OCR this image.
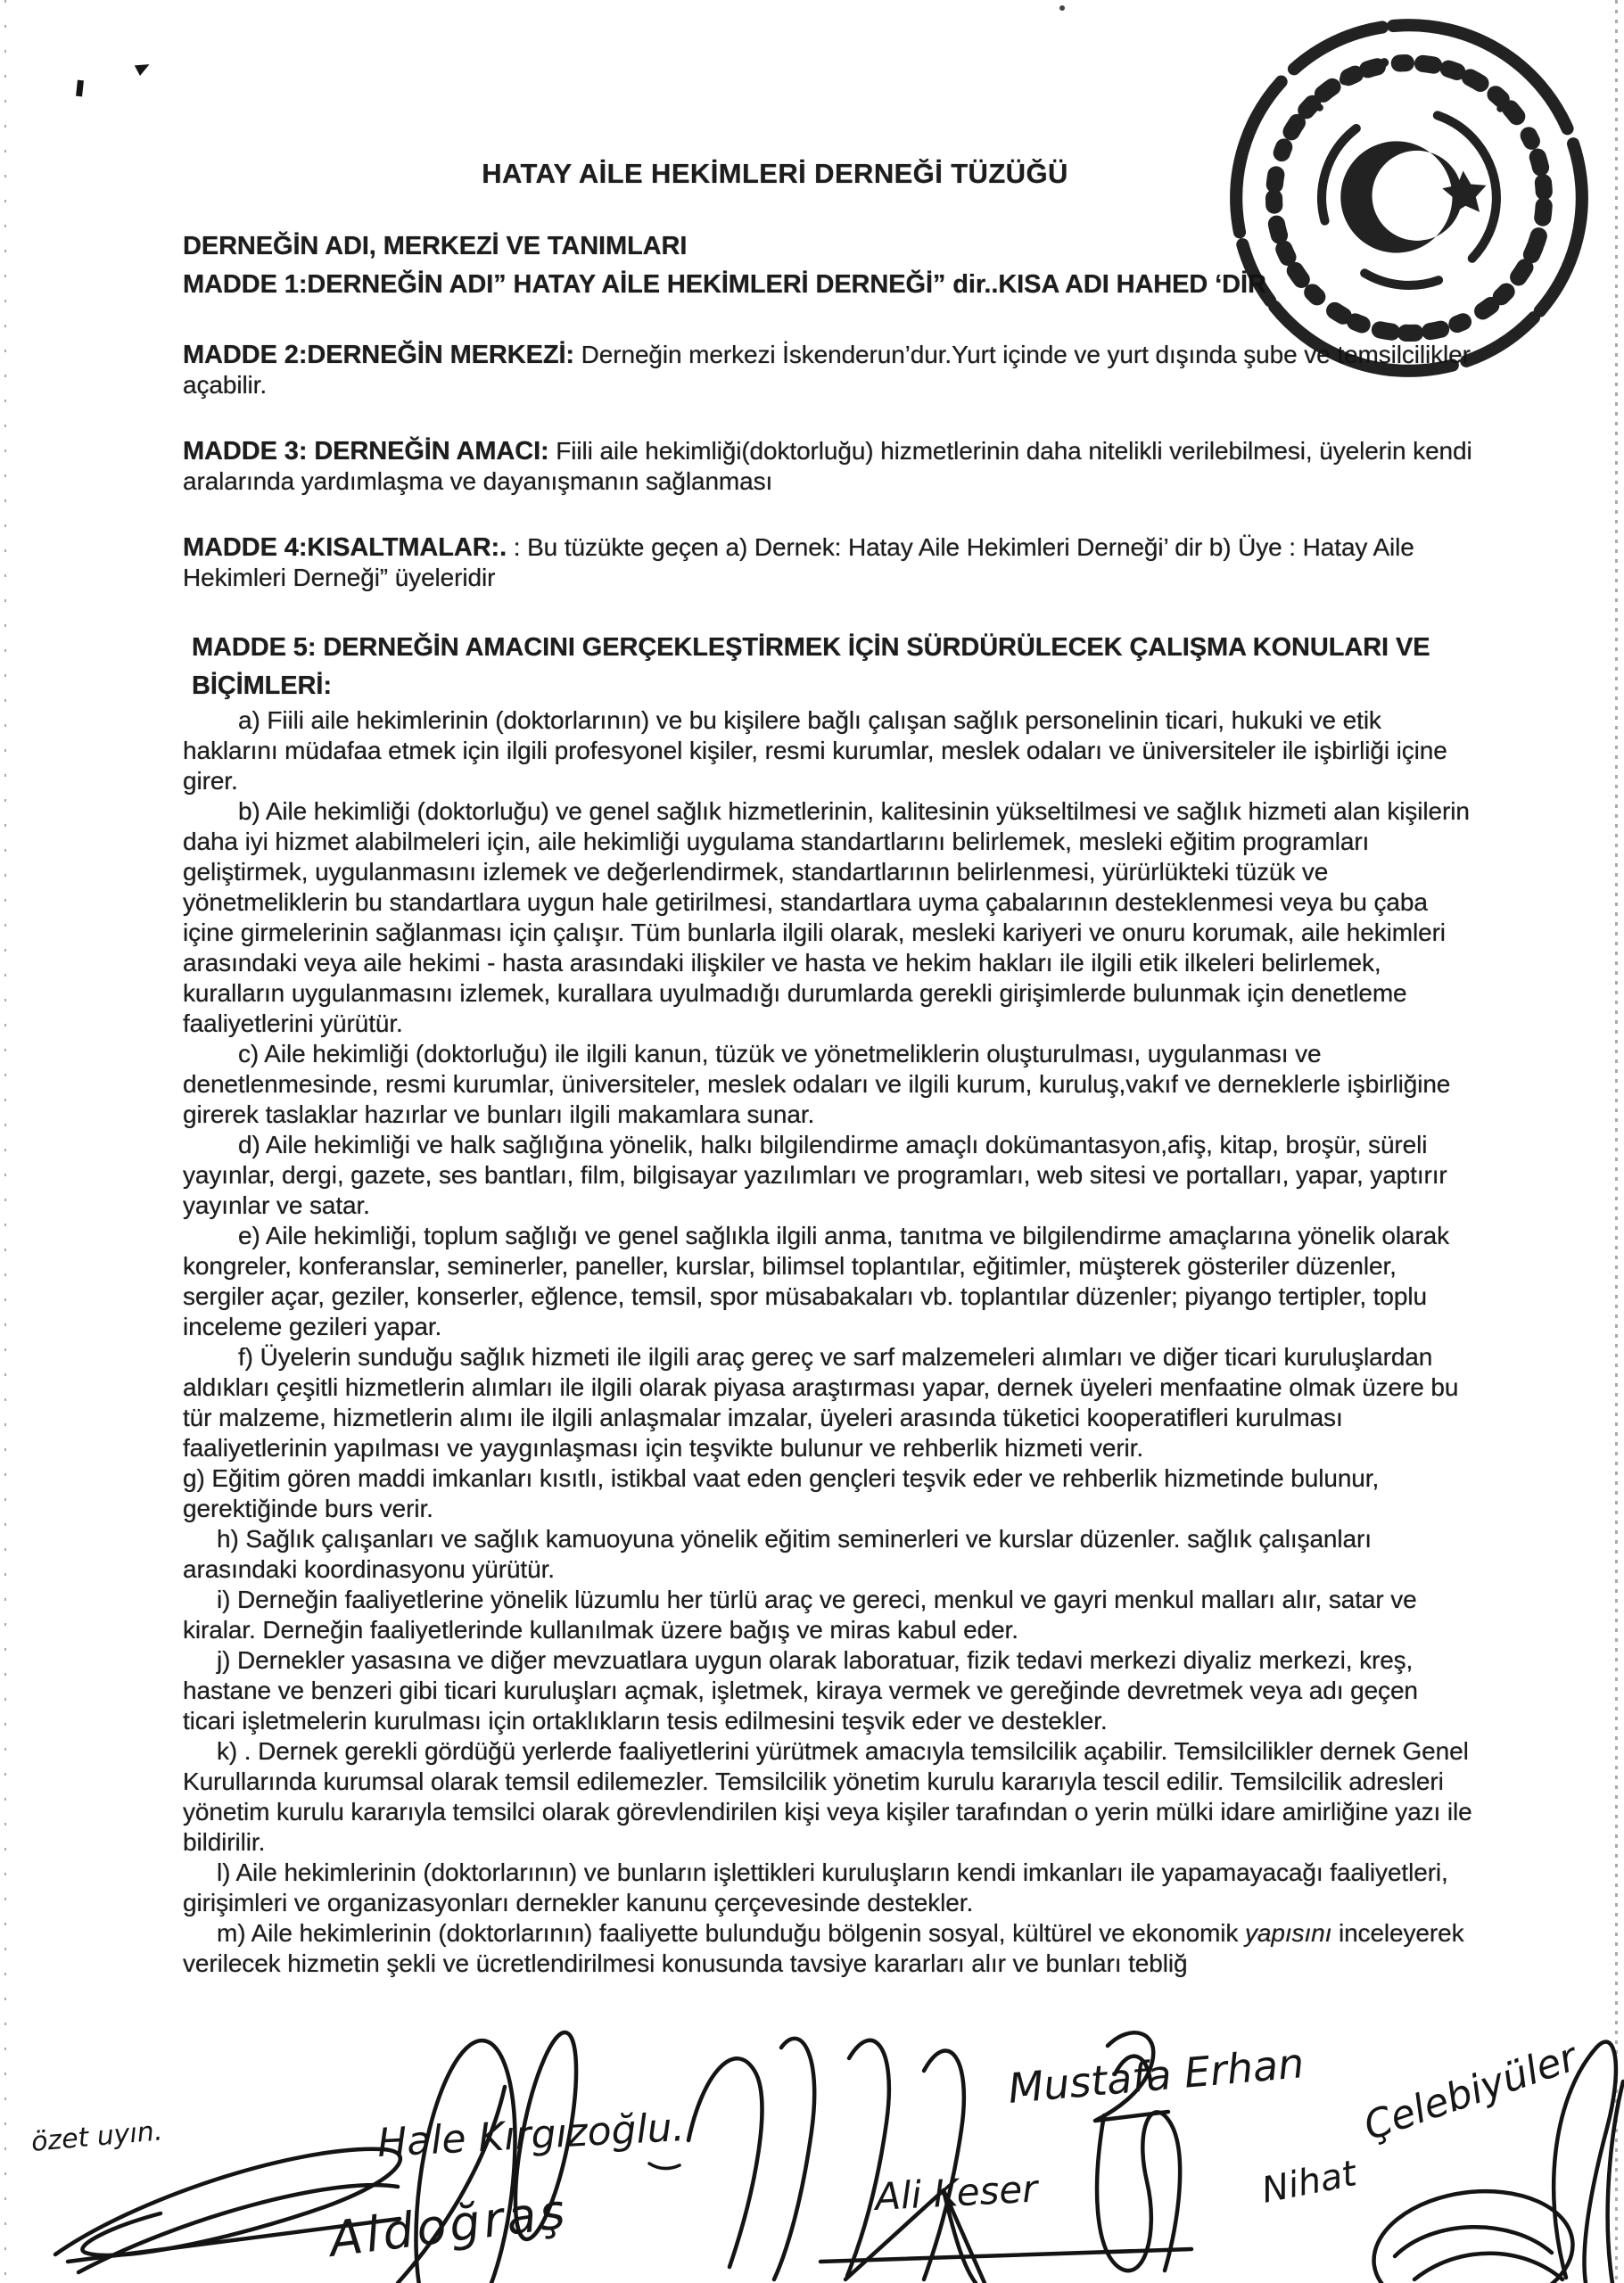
HATAY AİLE HEKİMLERİ DERNEĞİ TÜZÜĞÜ

DERNEĞİN ADI, MERKEZİ VE TANIMLARI
MADDE 1:DERNEĞİN ADI” HATAY AİLE HEKİMLERİ DERNEĞİ” dir..KISA ADI HAHED ‘DİR

MADDE 2:DERNEĞİN MERKEZİ: Derneğin merkezi İskenderun’dur.Yurt içinde ve yurt dışında şube ve temsilcilikler açabilir.

MADDE 3: DERNEĞİN AMACI: Fiili aile hekimliği(doktorluğu) hizmetlerinin daha nitelikli verilebilmesi, üyelerin kendi aralarında yardımlaşma ve dayanışmanın sağlanması

MADDE 4:KISALTMALAR:. : Bu tüzükte geçen a) Dernek: Hatay Aile Hekimleri Derneği’ dir b) Üye : Hatay Aile Hekimleri Derneği” üyeleridir

MADDE 5: DERNEĞİN AMACINI GERÇEKLEŞTİRMEK İÇİN SÜRDÜRÜLECEK ÇALIŞMA KONULARI VE BİÇİMLERİ:

a) Fiili aile hekimlerinin (doktorlarının) ve bu kişilere bağlı çalışan sağlık personelinin ticari, hukuki ve etik haklarını müdafaa etmek için ilgili profesyonel kişiler, resmi kurumlar, meslek odaları ve üniversiteler ile işbirliği içine girer.

b) Aile hekimliği (doktorluğu) ve genel sağlık hizmetlerinin, kalitesinin yükseltilmesi ve sağlık hizmeti alan kişilerin daha iyi hizmet alabilmeleri için, aile hekimliği uygulama standartlarını belirlemek, mesleki eğitim programları geliştirmek, uygulanmasını izlemek ve değerlendirmek, standartlarının belirlenmesi, yürürlükteki tüzük ve yönetmeliklerin bu standartlara uygun hale getirilmesi, standartlara uyma çabalarının desteklenmesi veya bu çaba içine girmelerinin sağlanması için çalışır. Tüm bunlarla ilgili olarak, mesleki kariyeri ve onuru korumak, aile hekimleri arasındaki veya aile hekimi - hasta arasındaki ilişkiler ve hasta ve hekim hakları ile ilgili etik ilkeleri belirlemek, kuralların uygulanmasını izlemek, kurallara uyulmadığı durumlarda gerekli girişimlerde bulunmak için denetleme faaliyetlerini yürütür.

c) Aile hekimliği (doktorluğu) ile ilgili kanun, tüzük ve yönetmeliklerin oluşturulması, uygulanması ve denetlenmesinde, resmi kurumlar, üniversiteler, meslek odaları ve ilgili kurum, kuruluş,vakıf ve derneklerle işbirliğine girerek taslaklar hazırlar ve bunları ilgili makamlara sunar.

d) Aile hekimliği ve halk sağlığına yönelik, halkı bilgilendirme amaçlı dokümantasyon,afiş, kitap, broşür, süreli yayınlar, dergi, gazete, ses bantları, film, bilgisayar yazılımları ve programları, web sitesi ve portalları, yapar, yaptırır yayınlar ve satar.

e) Aile hekimliği, toplum sağlığı ve genel sağlıkla ilgili anma, tanıtma ve bilgilendirme amaçlarına yönelik olarak kongreler, konferanslar, seminerler, paneller, kurslar, bilimsel toplantılar, eğitimler, müşterek gösteriler düzenler, sergiler açar, geziler, konserler, eğlence, temsil, spor müsabakaları vb. toplantılar düzenler; piyango tertipler, toplu inceleme gezileri yapar.

f) Üyelerin sunduğu sağlık hizmeti ile ilgili araç gereç ve sarf malzemeleri alımları ve diğer ticari kuruluşlardan aldıkları çeşitli hizmetlerin alımları ile ilgili olarak piyasa araştırması yapar, dernek üyeleri menfaatine olmak üzere bu tür malzeme, hizmetlerin alımı ile ilgili anlaşmalar imzalar, üyeleri arasında tüketici kooperatifleri kurulması faaliyetlerinin yapılması ve yaygınlaşması için teşvikte bulunur ve rehberlik hizmeti verir.

g) Eğitim gören maddi imkanları kısıtlı, istikbal vaat eden gençleri teşvik eder ve rehberlik hizmetinde bulunur, gerektiğinde burs verir.

h) Sağlık çalışanları ve sağlık kamuoyuna yönelik eğitim seminerleri ve kurslar düzenler. sağlık çalışanları arasındaki koordinasyonu yürütür.

i) Derneğin faaliyetlerine yönelik lüzumlu her türlü araç ve gereci, menkul ve gayri menkul malları alır, satar ve kiralar. Derneğin faaliyetlerinde kullanılmak üzere bağış ve miras kabul eder.

j) Dernekler yasasına ve diğer mevzuatlara uygun olarak laboratuar, fizik tedavi merkezi diyaliz merkezi, kreş, hastane ve benzeri gibi ticari kuruluşları açmak, işletmek, kiraya vermek ve gereğinde devretmek veya adı geçen ticari işletmelerin kurulması için ortaklıkların tesis edilmesini teşvik eder ve destekler.

k) . Dernek gerekli gördüğü yerlerde faaliyetlerini yürütmek amacıyla temsilcilik açabilir. Temsilcilikler dernek Genel Kurullarında kurumsal olarak temsil edilemezler. Temsilcilik yönetim kurulu kararıyla tescil edilir. Temsilcilik adresleri yönetim kurulu kararıyla temsilci olarak görevlendirilen kişi veya kişiler tarafından o yerin mülki idare amirliğine yazı ile bildirilir.

l) Aile hekimlerinin (doktorlarının) ve bunların işlettikleri kuruluşların kendi imkanları ile yapamayacağı faaliyetleri, girişimleri ve organizasyonları dernekler kanunu çerçevesinde destekler.

m) Aile hekimlerinin (doktorlarının) faaliyette bulunduğu bölgenin sosyal, kültürel ve ekonomik yapısını inceleyerek verilecek hizmetin şekli ve ücretlendirilmesi konusunda tavsiye kararları alır ve bunları tebliğ

özet uyın.
Aldoğraş
Hale Kırgızoğlu.
Ali Keser
Mustafa Erhan
Nihat
Çelebiyüler
